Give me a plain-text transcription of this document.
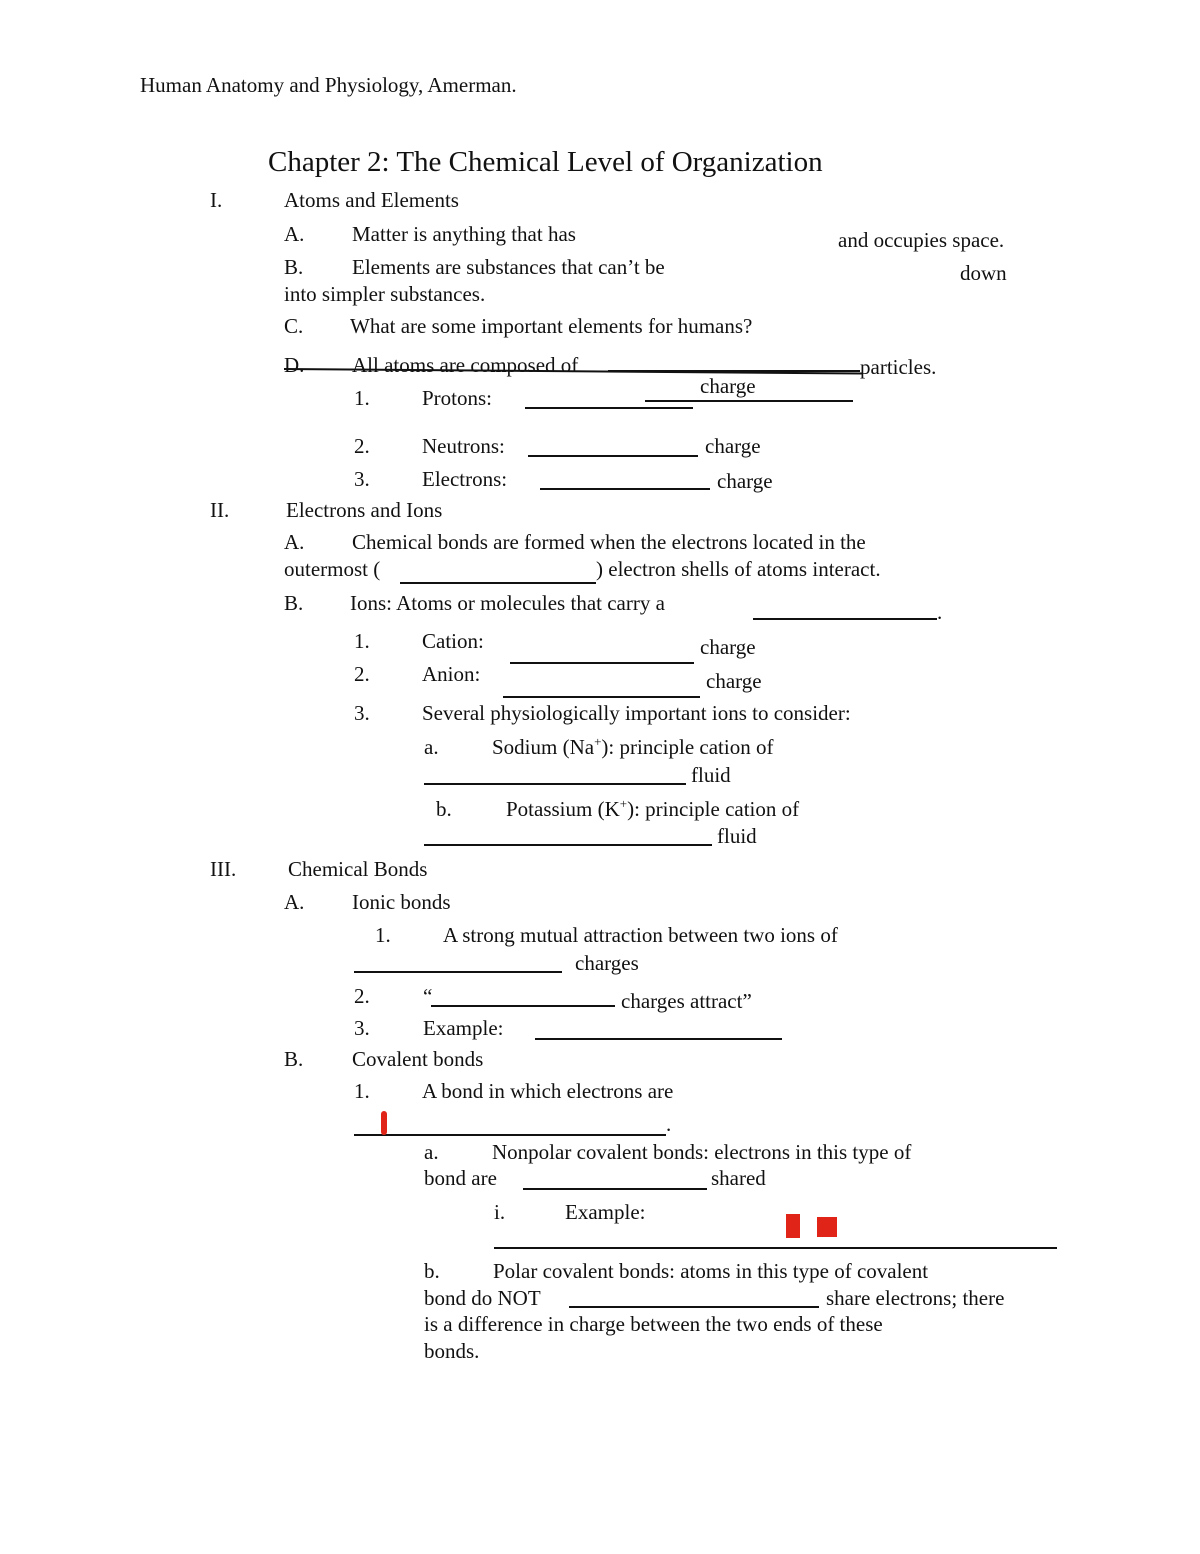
Human Anatomy and Physiology, Amerman.
Chapter 2: The Chemical Level of Organization
I.	Atoms and Elements
A. Matter is anything that has	and occupies space.
B. Elements are substances that can’t be	down
into simpler substances.
C. What are some important elements for humans?
D. All atoms are composed of	particles.
1. Protons:	charge
2. Neutrons:	charge
3. Electrons:	charge
II.	Electrons and Ions
A. Chemical bonds are formed when the electrons located in the
outermost (	) electron shells of atoms interact.
B. Ions: Atoms or molecules that carry a	.
1. Cation:	charge
2. Anion:	charge
3. Several physiologically important ions to consider:
a.	Sodium (Na+): principle cation of
fluid
b.	Potassium (K+): principle cation of
fluid
III. Chemical Bonds
A. Ionic bonds
1. A strong mutual attraction between two ions of
charges
2.	“	charges attract”
3.	Example:
B. Covalent bonds
1. A bond in which electrons are
.
a.	Nonpolar covalent bonds: electrons in this type of
bond are	shared
i.	Example:
b.	Polar covalent bonds: atoms in this type of covalent
bond do NOT	share electrons; there
is a difference in charge between the two ends of these
bonds.
